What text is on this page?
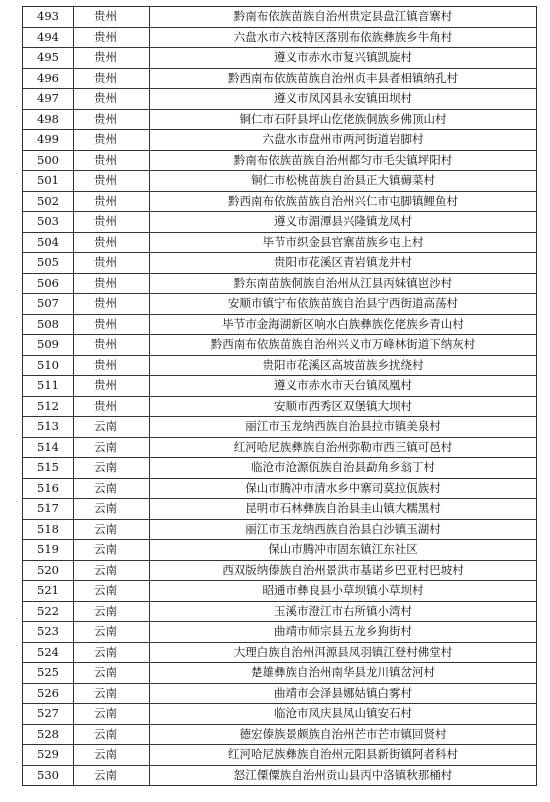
493	贵州	黔南布依族苗族自治州贵定县盘江镇音寨村
494	贵州	六盘水市六枝特区落別布依族彝族乡牛角村
495	贵州	遵义市赤水市复兴镇凯旋村
496	贵州	黔西南布依族苗族自治州贞丰县者相镇纳孔村
497	贵州	遵义市凤冈县永安镇田坝村
498	贵州	铜仁市石阡县坪山仡佬族侗族乡佛顶山村
499	贵州	六盘水市盘州市两河街道岩脚村
500	贵州	黔南布依族苗族自治州都匀市毛尖镇坪阳村
501	贵州	铜仁市松桃苗族自治县正大镇薅菜村
502	贵州	黔西南布依族苗族自治州兴仁市屯脚镇鲤鱼村
503	贵州	遵义市湄潭县兴隆镇龙凤村
504	贵州	毕节市织金县官寨苗族乡屯上村
505	贵州	贵阳市花溪区青岩镇龙井村
506	贵州	黔东南苗族侗族自治州从江县丙妹镇岜沙村
507	贵州	安顺市镇宁布依族苗族自治县宁西街道高荡村
508	贵州	毕节市金海湖新区响水白族彝族仡佬族乡青山村
509	贵州	黔西南布依族苗族自治州兴义市万峰林街道下纳灰村
510	贵州	贵阳市花溪区高坡苗族乡扰绕村
511	贵州	遵义市赤水市天台镇凤凰村
512	贵州	安顺市西秀区双堡镇大坝村
513	云南	丽江市玉龙纳西族自治县拉市镇美泉村
514	云南	红河哈尼族彝族自治州弥勒市西三镇可邑村
515	云南	临沧市沧源佤族自治县勐角乡翁丁村
516	云南	保山市腾冲市清水乡中寨司莫拉佤族村
517	云南	昆明市石林彝族自治县圭山镇大糯黑村
518	云南	丽江市玉龙纳西族自治县白沙镇玉湖村
519	云南	保山市腾冲市固东镇江东社区
520	云南	西双版纳傣族自治州景洪市基诺乡巴亚村巴坡村
521	云南	昭通市彝良县小草坝镇小草坝村
522	云南	玉溪市澄江市右所镇小湾村
523	云南	曲靖市师宗县五龙乡狗街村
524	云南	大理白族自治州洱源县凤羽镇江登村佛堂村
525	云南	楚雄彝族自治州南华县龙川镇岔河村
526	云南	曲靖市会泽县娜姑镇白雾村
527	云南	临沧市凤庆县凤山镇安石村
528	云南	德宏傣族景颇族自治州芒市芒市镇回贤村
529	云南	红河哈尼族彝族自治州元阳县新街镇阿者科村
530	云南	怒江傈僳族自治州贡山县丙中洛镇秋那桶村
